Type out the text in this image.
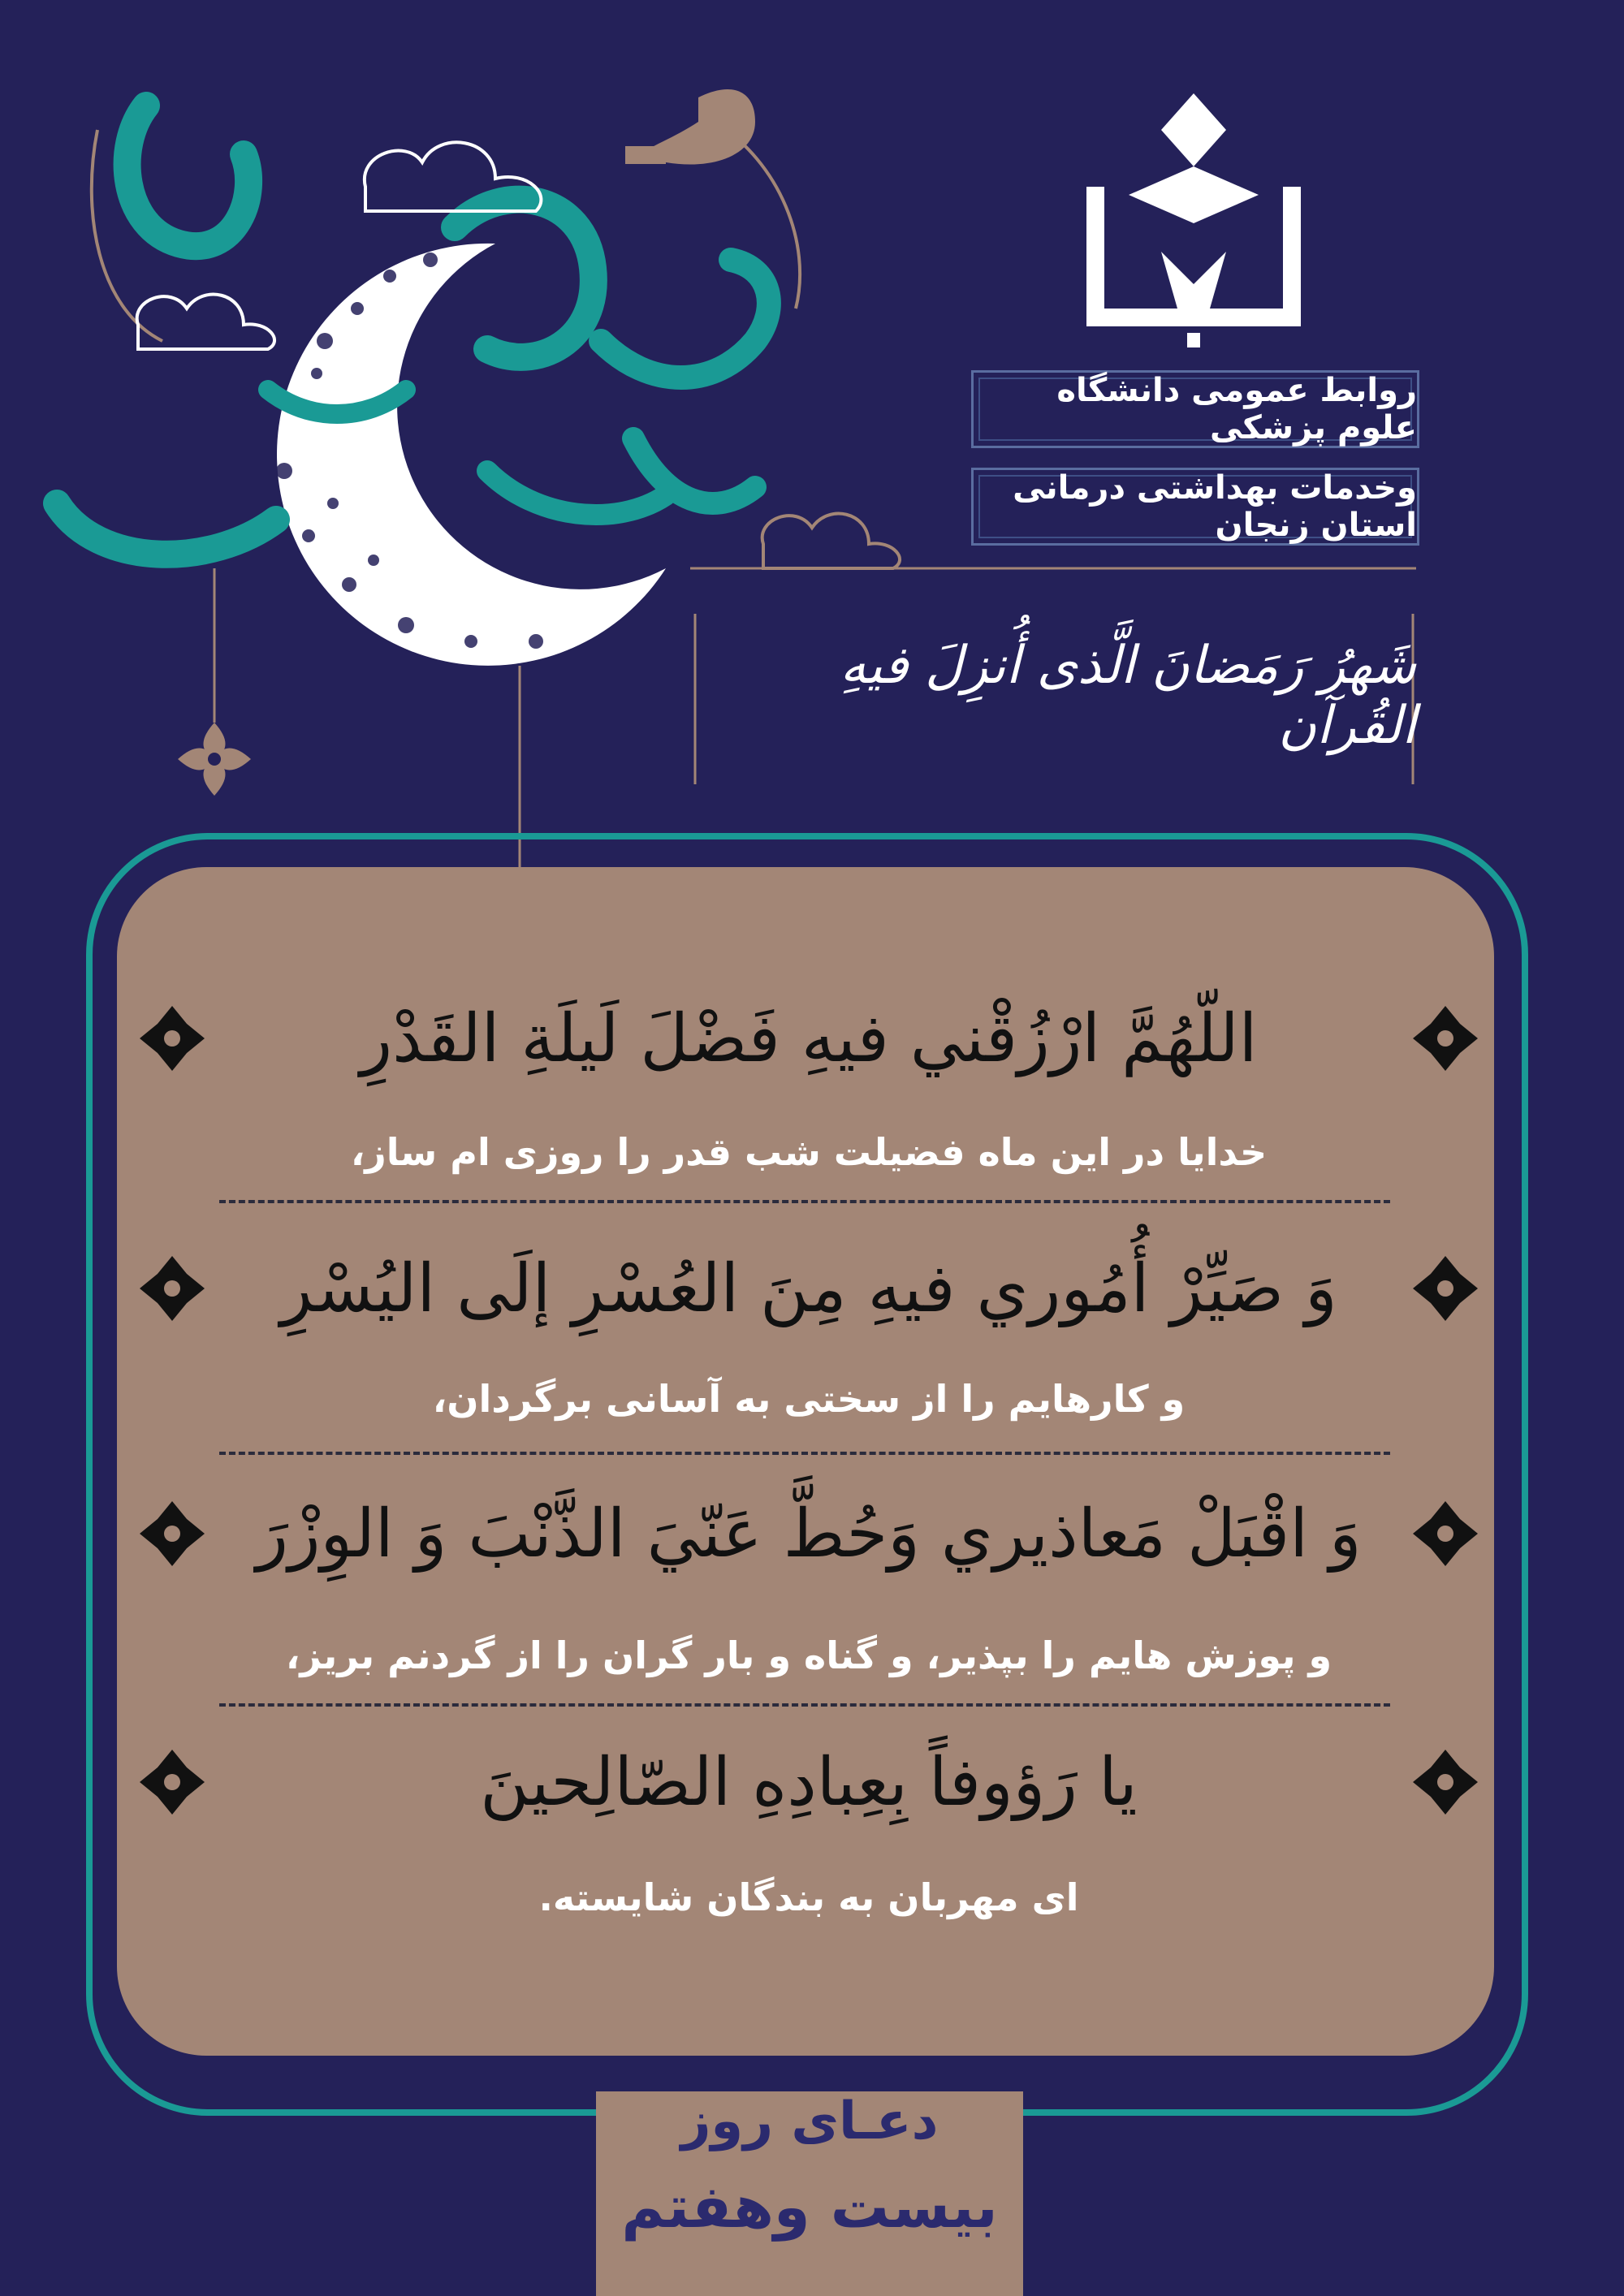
روابط عمومی دانشگاه علوم پزشکی
وخدمات بهداشتی درمانی استان زنجان
شَهرُ رَمَضانَ الَّذی أُنزِلَ فیهِ القُرآن
اللّهُمَّ ارْزُقْني فيهِ فَضْلَ لَيلَةِ القَدْرِ
خدایا در این ماه فضیلت شب قدر را روزی ام ساز،
وَ صَيِّرْ أُمُوري فيهِ مِنَ العُسْرِ إلَى اليُسْرِ
و کارهایم را از سختی به آسانی برگردان،
وَ اقْبَلْ مَعاذيري وَحُطَّ عَنّيَ الذَّنْبَ وَ الوِزْرَ
و پوزش هایم را بپذیر، و گناه و بار گران را از گردنم بریز،
يا رَؤوفاً بِعِبادِهِ الصّالِحينَ
ای مهربان به بندگان شایسته.
دعـای روز
بیست وهفتم
